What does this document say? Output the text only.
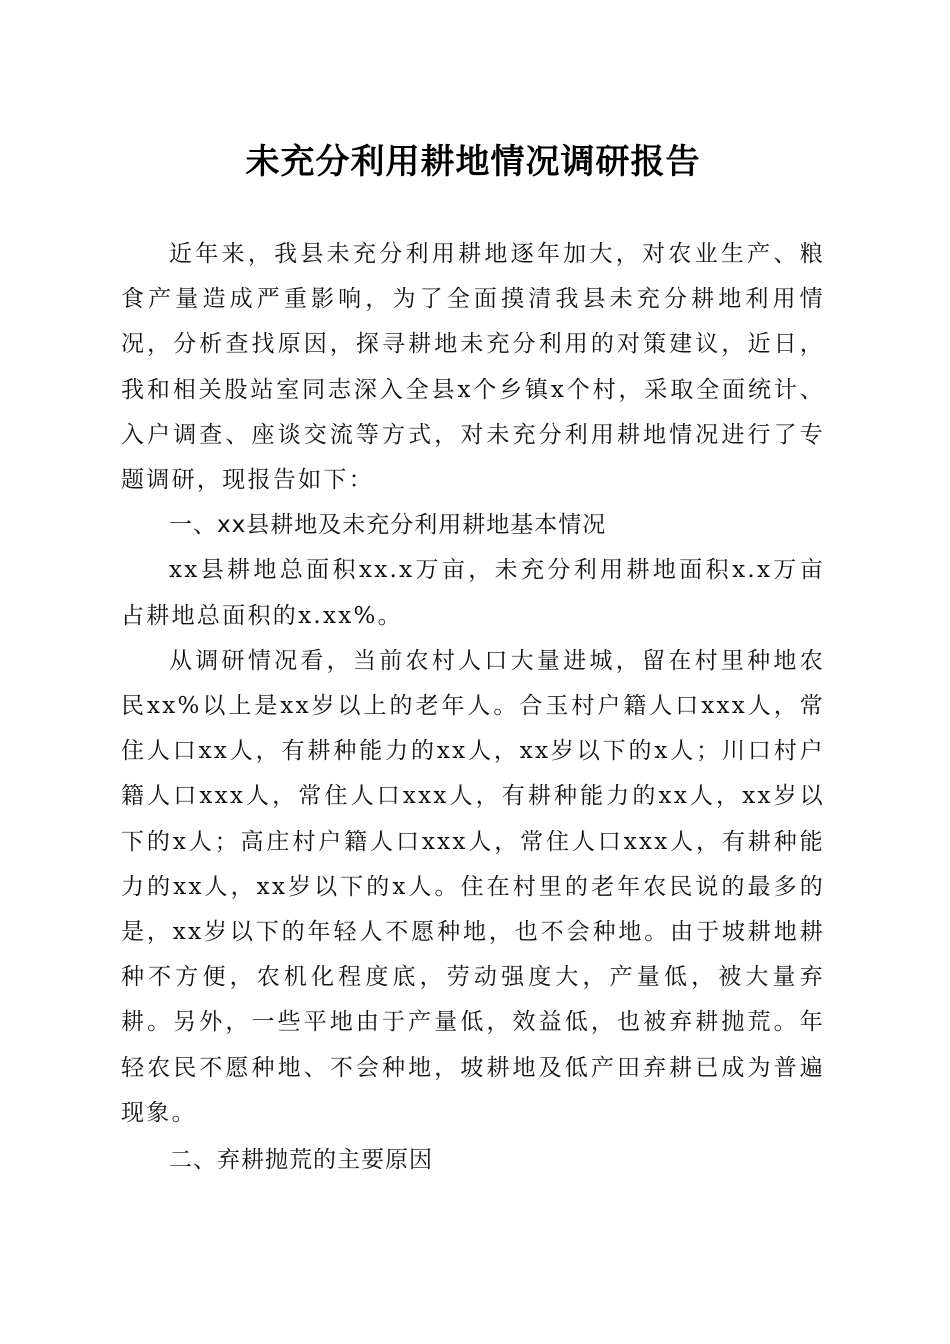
未充分利用耕地情况调研报告

近年来，我县未充分利用耕地逐年加大，对农业生产、粮食产量造成严重影响，为了全面摸清我县未充分耕地利用情况，分析查找原因，探寻耕地未充分利用的对策建议，近日，我和相关股站室同志深入全县x个乡镇x个村，采取全面统计、入户调查、座谈交流等方式，对未充分利用耕地情况进行了专题调研，现报告如下：

一、xx县耕地及未充分利用耕地基本情况

xx县耕地总面积xx.x万亩，未充分利用耕地面积x.x万亩占耕地总面积的x.xx%。

从调研情况看，当前农村人口大量进城，留在村里种地农民xx%以上是xx岁以上的老年人。合玉村户籍人口xxx人，常住人口xx人，有耕种能力的xx人，xx岁以下的x人；川口村户籍人口xxx人，常住人口xxx人，有耕种能力的xx人，xx岁以下的x人；高庄村户籍人口xxx人，常住人口xxx人，有耕种能力的xx人，xx岁以下的x人。住在村里的老年农民说的最多的是，xx岁以下的年轻人不愿种地，也不会种地。由于坡耕地耕种不方便，农机化程度底，劳动强度大，产量低，被大量弃耕。另外，一些平地由于产量低，效益低，也被弃耕抛荒。年轻农民不愿种地、不会种地，坡耕地及低产田弃耕已成为普遍现象。

二、弃耕抛荒的主要原因
